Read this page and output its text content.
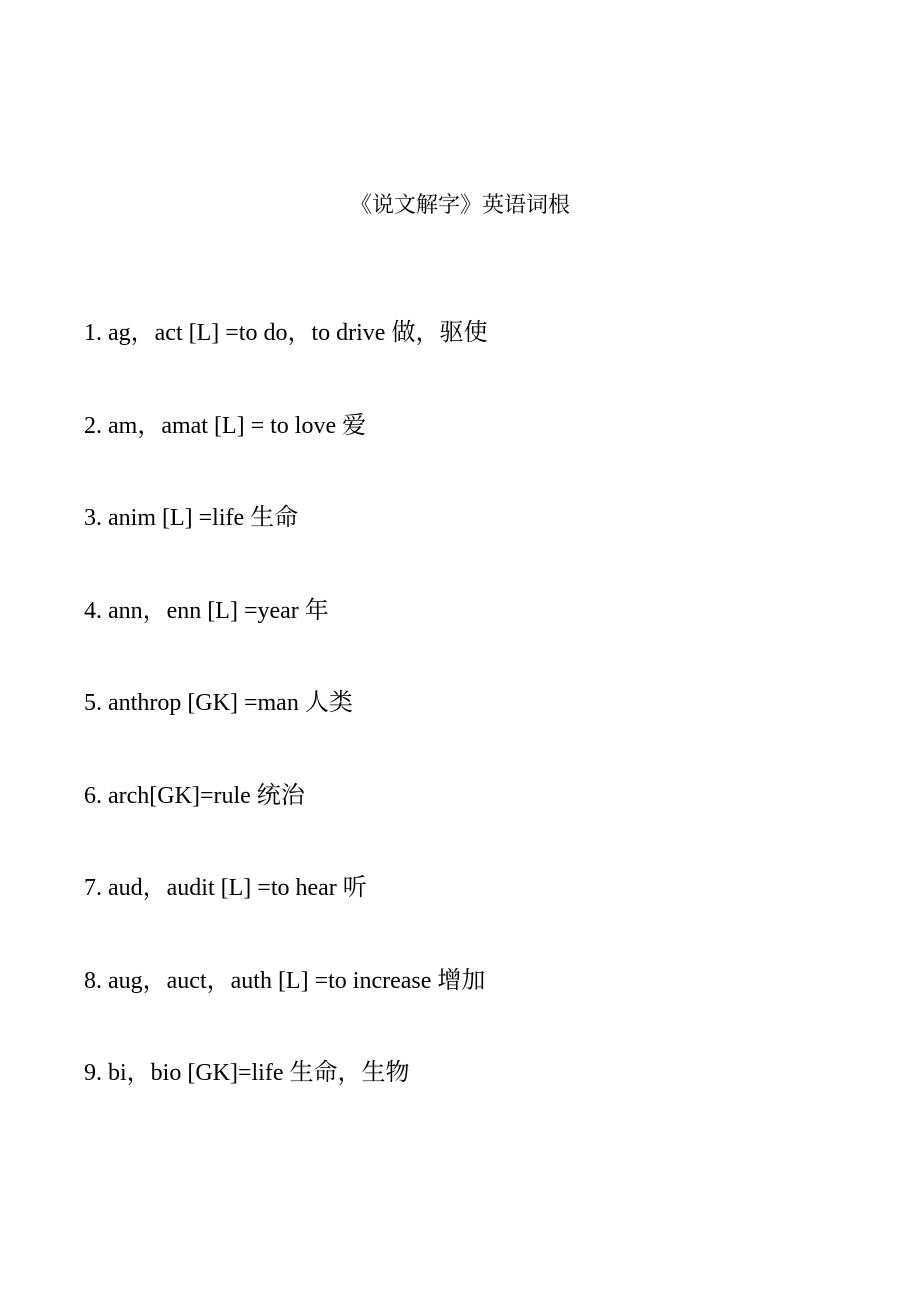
《说文解字》英语词根
1. ag，act [L] =to do，to drive 做，驱使
2. am，amat [L] = to love 爱
3. anim [L] =life 生命
4. ann，enn [L] =year 年
5. anthrop [GK] =man 人类
6. arch[GK]=rule 统治
7. aud，audit [L] =to hear 听
8. aug，auct，auth [L] =to increase 增加
9. bi，bio [GK]=life 生命，生物
